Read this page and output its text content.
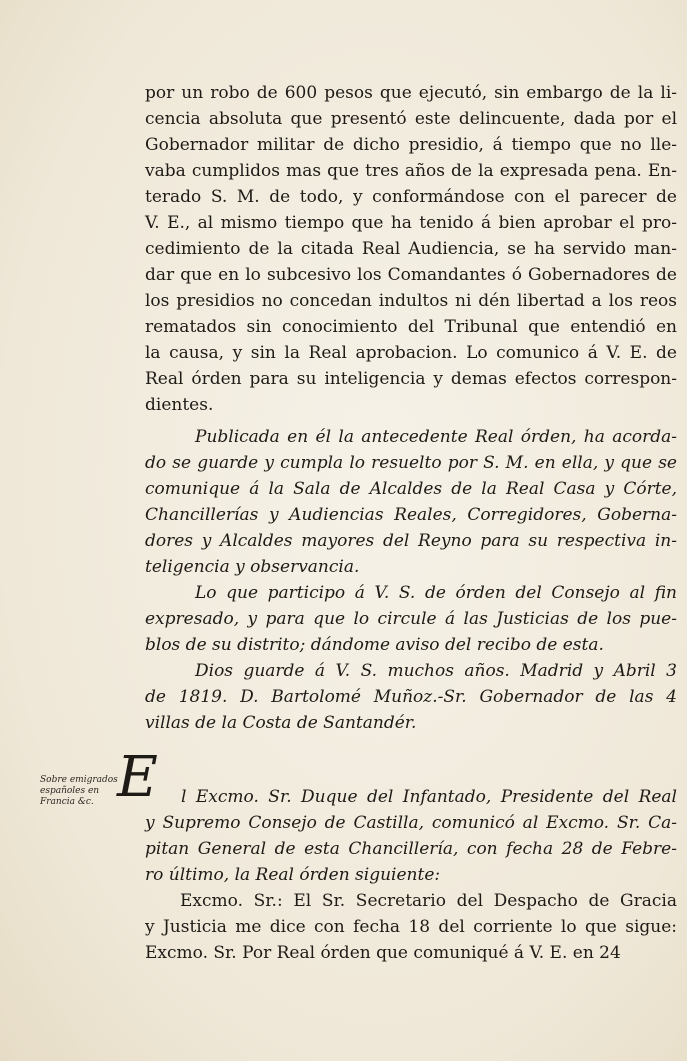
por un robo de 600 pesos que ejecutó, sin embargo de la li-
cencia absoluta que presentó este delincuente, dada por el
Gobernador militar de dicho presidio, á tiempo que no lle-
vaba cumplidos mas que tres años de la expresada pena. En-
terado S. M. de todo, y conformándose con el parecer de
V. E., al mismo tiempo que ha tenido á bien aprobar el pro-
cedimiento de la citada Real Audiencia, se ha servido man-
dar que en lo subcesivo los Comandantes ó Gobernadores de
los presidios no concedan indultos ni dén libertad a los reos
rematados sin conocimiento del Tribunal que entendió en
la causa, y sin la Real aprobacion. Lo comunico á V. E. de
Real órden para su inteligencia y demas efectos correspon-
dientes.
Publicada en él la antecedente Real órden, ha acorda-
do se guarde y cumpla lo resuelto por S. M. en ella, y que se
comunique á la Sala de Alcaldes de la Real Casa y Córte,
Chancillerías y Audiencias Reales, Corregidores, Goberna-
dores y Alcaldes mayores del Reyno para su respectiva in-
teligencia y observancia.
Lo que participo á V. S. de órden del Consejo al fin
expresado, y para que lo circule á las Justicias de los pue-
blos de su distrito; dándome aviso del recibo de esta.
Dios guarde á V. S. muchos años. Madrid y Abril 3
de 1819. D. Bartolomé Muñoz.-Sr. Gobernador de las 4
villas de la Costa de Santandér.
Sobre emigrados españoles en Francia &c. E	l Excmo. Sr. Duque del Infantado, Presidente del Real
y Supremo Consejo de Castilla, comunicó al Excmo. Sr. Ca-
pitan General de esta Chancillería, con fecha 28 de Febre-
ro último, la Real órden siguiente:
Excmo. Sr.: El Sr. Secretario del Despacho de Gracia
y Justicia me dice con fecha 18 del corriente lo que sigue:
Excmo. Sr. Por Real órden que comuniqué á V. E. en 24
